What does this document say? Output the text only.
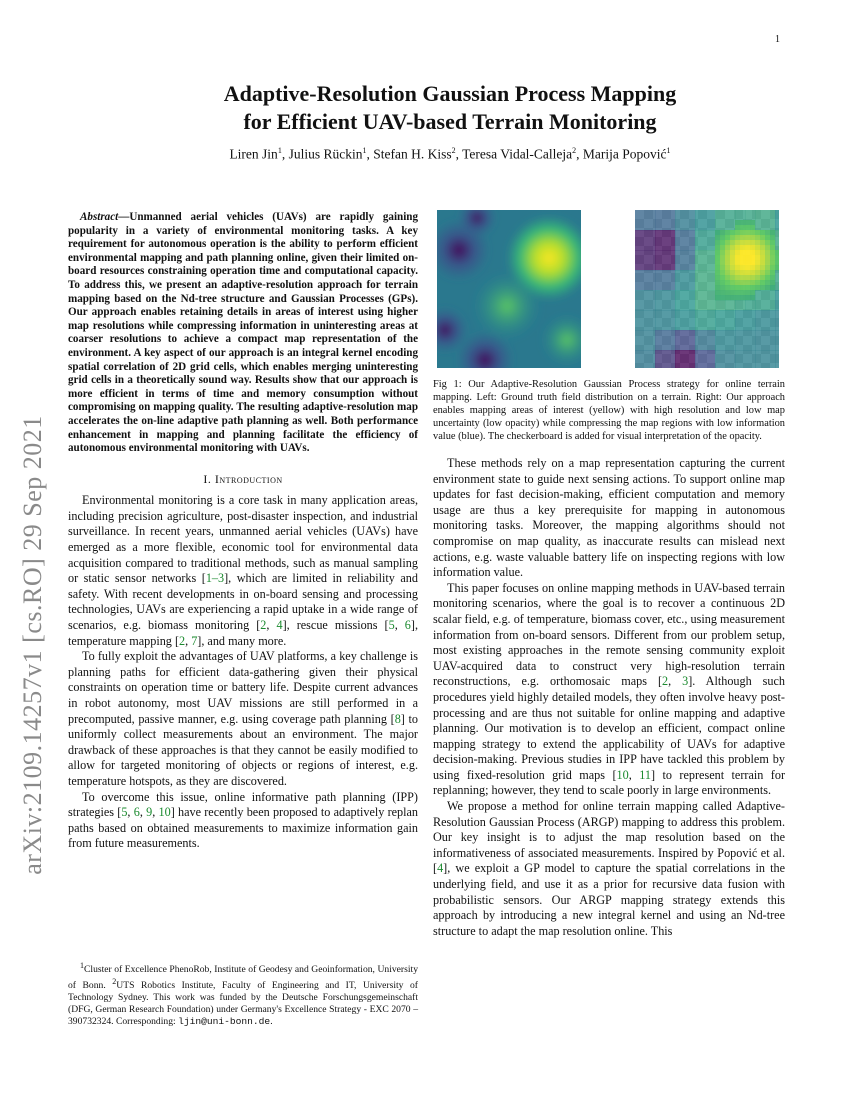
1
arXiv:2109.14257v1 [cs.RO] 29 Sep 2021
Adaptive-Resolution Gaussian Process Mapping
for Efficient UAV-based Terrain Monitoring
Liren Jin$^1$, Julius Rückin$^1$, Stefan H. Kiss$^2$, Teresa Vidal-Calleja$^2$, Marija Popović$^1$

Abstract—Unmanned aerial vehicles (UAVs) are rapidly gaining popularity in a variety of environmental monitoring tasks. A key requirement for autonomous operation is the ability to perform efficient environmental mapping and path planning online, given their limited on-board resources constraining operation time and computational capacity. To address this, we present an adaptive-resolution approach for terrain mapping based on the Nd-tree structure and Gaussian Processes (GPs). Our approach enables retaining details in areas of interest using higher map resolutions while compressing information in uninteresting areas at coarser resolutions to achieve a compact map representation of the environment. A key aspect of our approach is an integral kernel encoding spatial correlation of 2D grid cells, which enables merging uninteresting grid cells in a theoretically sound way. Results show that our approach is more efficient in terms of time and memory consumption without compromising on mapping quality. The resulting adaptive-resolution map accelerates the on-line adaptive path planning as well. Both performance enhancement in mapping and planning facilitate the efficiency of autonomous environmental monitoring with UAVs.

I. Introduction

Environmental monitoring is a core task in many application areas, including precision agriculture, post-disaster inspection, and industrial surveillance. In recent years, unmanned aerial vehicles (UAVs) have emerged as a more flexible, economic tool for environmental data acquisition compared to traditional methods, such as manual sampling or static sensor networks [1–3], which are limited in reliability and safety. With recent developments in on-board sensing and processing technologies, UAVs are experiencing a rapid uptake in a wide range of scenarios, e.g. biomass monitoring [2, 4], rescue missions [5, 6], temperature mapping [2, 7], and many more.

To fully exploit the advantages of UAV platforms, a key challenge is planning paths for efficient data-gathering given their physical constraints on operation time or battery life. Despite current advances in robot autonomy, most UAV missions are still performed in a precomputed, passive manner, e.g. using coverage path planning [8] to uniformly collect measurements about an environment. The major drawback of these approaches is that they cannot be easily modified to allow for targeted monitoring of objects or regions of interest, e.g. temperature hotspots, as they are discovered.

To overcome this issue, online informative path planning (IPP) strategies [5, 6, 9, 10] have recently been proposed to adaptively replan paths based on obtained measurements to maximize information gain from future measurements.

$^1$Cluster of Excellence PhenoRob, Institute of Geodesy and Geoinformation, University of Bonn. $^2$UTS Robotics Institute, Faculty of Engineering and IT, University of Technology Sydney. This work was funded by the Deutsche Forschungsgemeinschaft (DFG, German Research Foundation) under Germany's Excellence Strategy - EXC 2070 – 390732324. Corresponding: ljin@uni-bonn.de.
Fig 1: Our Adaptive-Resolution Gaussian Process strategy for online terrain mapping. Left: Ground truth field distribution on a terrain. Right: Our approach enables mapping areas of interest (yellow) with high resolution and low map uncertainty (low opacity) while compressing the map regions with low information value (blue). The checkerboard is added for visual interpretation of the opacity.

These methods rely on a map representation capturing the current environment state to guide next sensing actions. To support online map updates for fast decision-making, efficient computation and memory usage are thus a key prerequisite for mapping in autonomous monitoring tasks. Moreover, the mapping algorithms should not compromise on map quality, as inaccurate results can mislead next actions, e.g. waste valuable battery life on inspecting regions with low information value.

This paper focuses on online mapping methods in UAV-based terrain monitoring scenarios, where the goal is to recover a continuous 2D scalar field, e.g. of temperature, biomass cover, etc., using measurement information from on-board sensors. Different from our problem setup, most existing approaches in the remote sensing community exploit UAV-acquired data to construct very high-resolution terrain reconstructions, e.g. orthomosaic maps [2, 3]. Although such procedures yield highly detailed models, they often involve heavy post-processing and are thus not suitable for online mapping and adaptive planning. Our motivation is to develop an efficient, compact online mapping strategy to extend the applicability of UAVs for adaptive decision-making. Previous studies in IPP have tackled this problem by using fixed-resolution grid maps [10, 11] to represent terrain for replanning; however, they tend to scale poorly in large environments.

We propose a method for online terrain mapping called Adaptive-Resolution Gaussian Process (ARGP) mapping to address this problem. Our key insight is to adjust the map resolution based on the informativeness of associated measurements. Inspired by Popović et al. [4], we exploit a GP model to capture the spatial correlations in the underlying field, and use it as a prior for recursive data fusion with probabilistic sensors. Our ARGP mapping strategy extends this approach by introducing a new integral kernel and using an Nd-tree structure to adapt the map resolution online. This
